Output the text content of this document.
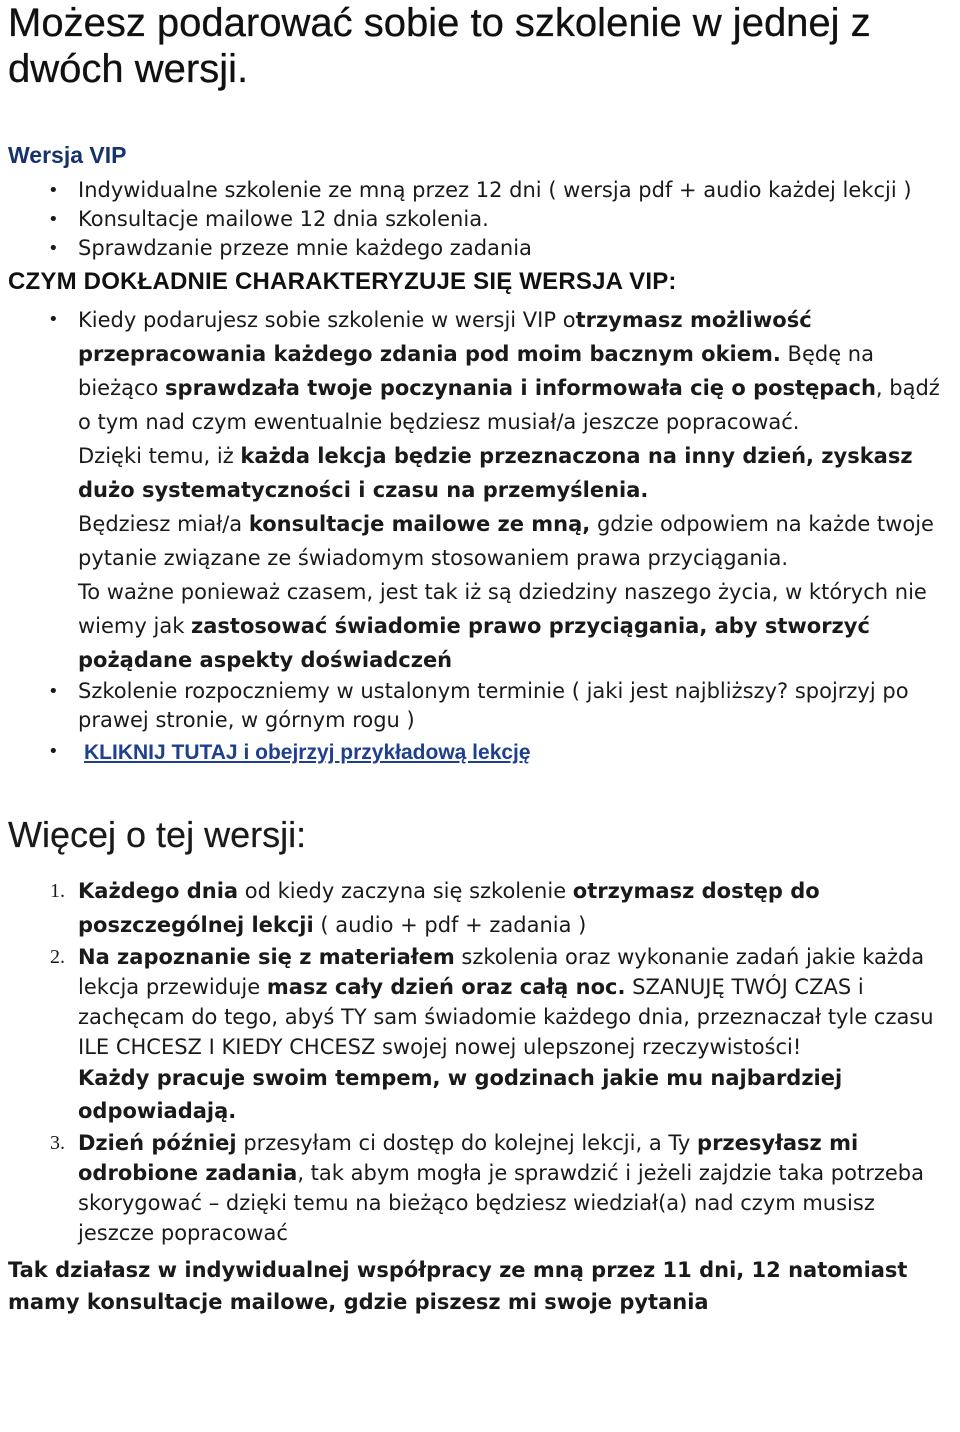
Możesz podarować sobie to szkolenie w jednej z dwóch wersji.
Wersja VIP
• Indywidualne szkolenie ze mną przez 12 dni ( wersja pdf + audio każdej lekcji )
• Konsultacje mailowe 12 dnia szkolenia.
• Sprawdzanie przeze mnie każdego zadania
CZYM DOKŁADNIE CHARAKTERYZUJE SIĘ WERSJA VIP:
• Kiedy podarujesz sobie szkolenie w wersji VIP otrzymasz możliwość przepracowania każdego zdania pod moim bacznym okiem. Będę na bieżąco sprawdzała twoje poczynania i informowała cię o postępach, bądź o tym nad czym ewentualnie będziesz musiał/a jeszcze popracować.
Dzięki temu, iż każda lekcja będzie przeznaczona na inny dzień, zyskasz dużo systematyczności i czasu na przemyślenia.
Będziesz miał/a konsultacje mailowe ze mną, gdzie odpowiem na każde twoje pytanie związane ze świadomym stosowaniem prawa przyciągania.
To ważne ponieważ czasem, jest tak iż są dziedziny naszego życia, w których nie wiemy jak zastosować świadomie prawo przyciągania, aby stworzyć pożądane aspekty doświadczeń
• Szkolenie rozpoczniemy w ustalonym terminie ( jaki jest najbliższy? spojrzyj po prawej stronie, w górnym rogu )
• KLIKNIJ TUTAJ i obejrzyj przykładową lekcję
Więcej o tej wersji:
1. Każdego dnia od kiedy zaczyna się szkolenie otrzymasz dostęp do poszczególnej lekcji ( audio + pdf + zadania )
2. Na zapoznanie się z materiałem szkolenia oraz wykonanie zadań jakie każda lekcja przewiduje masz cały dzień oraz całą noc. SZANUJĘ TWÓJ CZAS i zachęcam do tego, abyś TY sam świadomie każdego dnia, przeznaczał tyle czasu ILE CHCESZ I KIEDY CHCESZ swojej nowej ulepszonej rzeczywistości!
Każdy pracuje swoim tempem, w godzinach jakie mu najbardziej odpowiadają.
3. Dzień później przesyłam ci dostęp do kolejnej lekcji, a Ty przesyłasz mi odrobione zadania, tak abym mogła je sprawdzić i jeżeli zajdzie taka potrzeba skorygować – dzięki temu na bieżąco będziesz wiedział(a) nad czym musisz jeszcze popracować
Tak działasz w indywidualnej współpracy ze mną przez 11 dni, 12 natomiast mamy konsultacje mailowe, gdzie piszesz mi swoje pytania
